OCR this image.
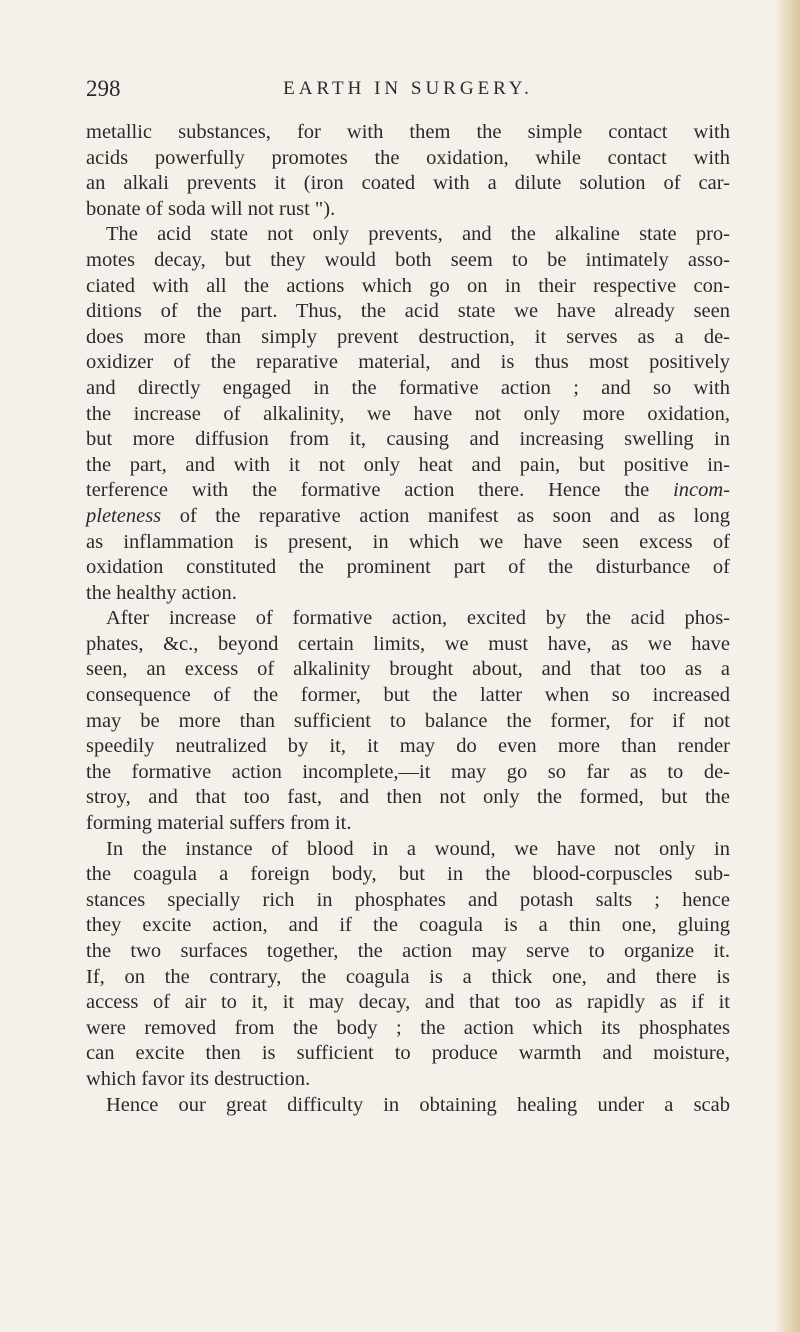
298	EARTH IN SURGERY.
metallic substances, for with them the simple contact with
acids powerfully promotes the oxidation, while contact with
an alkali prevents it (iron coated with a dilute solution of car-
bonate of soda will not rust ").
The acid state not only prevents, and the alkaline state pro-
motes decay, but they would both seem to be intimately asso-
ciated with all the actions which go on in their respective con-
ditions of the part. Thus, the acid state we have already seen
does more than simply prevent destruction, it serves as a de-
oxidizer of the reparative material, and is thus most positively
and directly engaged in the formative action ; and so with
the increase of alkalinity, we have not only more oxidation,
but more diffusion from it, causing and increasing swelling in
the part, and with it not only heat and pain, but positive in-
terference with the formative action there. Hence the incom-
pleteness of the reparative action manifest as soon and as long
as inflammation is present, in which we have seen excess of
oxidation constituted the prominent part of the disturbance of
the healthy action.
After increase of formative action, excited by the acid phos-
phates, &c., beyond certain limits, we must have, as we have
seen, an excess of alkalinity brought about, and that too as a
consequence of the former, but the latter when so increased
may be more than sufficient to balance the former, for if not
speedily neutralized by it, it may do even more than render
the formative action incomplete,—it may go so far as to de-
stroy, and that too fast, and then not only the formed, but the
forming material suffers from it.
In the instance of blood in a wound, we have not only in
the coagula a foreign body, but in the blood-corpuscles sub-
stances specially rich in phosphates and potash salts ; hence
they excite action, and if the coagula is a thin one, gluing
the two surfaces together, the action may serve to organize it.
If, on the contrary, the coagula is a thick one, and there is
access of air to it, it may decay, and that too as rapidly as if it
were removed from the body ; the action which its phosphates
can excite then is sufficient to produce warmth and moisture,
which favor its destruction.
Hence our great difficulty in obtaining healing under a scab
